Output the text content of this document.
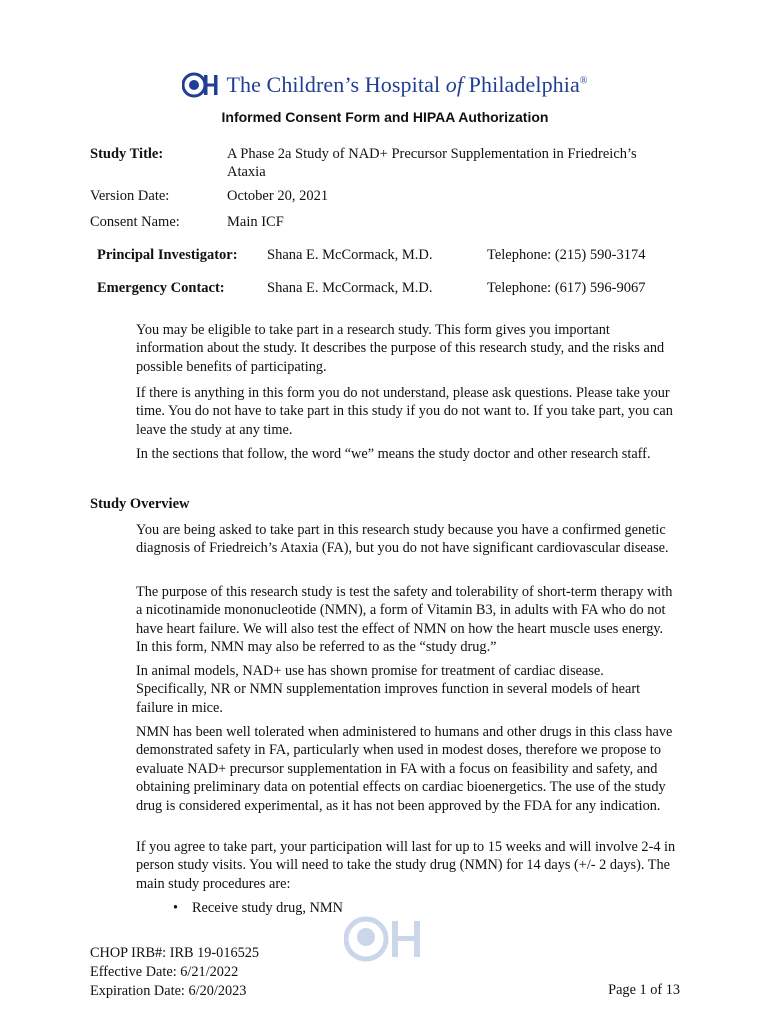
The Children’s Hospital of Philadelphia®
Informed Consent Form and HIPAA Authorization
Study Title:	A Phase 2a Study of NAD+ Precursor Supplementation in Friedreich’s Ataxia
Version Date:	October 20, 2021
Consent Name:	Main ICF
Principal Investigator: Shana E. McCormack, M.D.	Telephone: (215) 590-3174
Emergency Contact:	Shana E. McCormack, M.D.	Telephone: (617) 596-9067

You may be eligible to take part in a research study. This form gives you important information about the study. It describes the purpose of this research study, and the risks and possible benefits of participating.

If there is anything in this form you do not understand, please ask questions. Please take your time. You do not have to take part in this study if you do not want to. If you take part, you can leave the study at any time.

In the sections that follow, the word “we” means the study doctor and other research staff.

Study Overview

You are being asked to take part in this research study because you have a confirmed genetic diagnosis of Friedreich’s Ataxia (FA), but you do not have significant cardiovascular disease.

The purpose of this research study is test the safety and tolerability of short-term therapy with a nicotinamide mononucleotide (NMN), a form of Vitamin B3, in adults with FA who do not have heart failure. We will also test the effect of NMN on how the heart muscle uses energy. In this form, NMN may also be referred to as the “study drug.”

In animal models, NAD+ use has shown promise for treatment of cardiac disease. Specifically, NR or NMN supplementation improves function in several models of heart failure in mice.

NMN has been well tolerated when administered to humans and other drugs in this class have demonstrated safety in FA, particularly when used in modest doses, therefore we propose to evaluate NAD+ precursor supplementation in FA with a focus on feasibility and safety, and obtaining preliminary data on potential effects on cardiac bioenergetics. The use of the study drug is considered experimental, as it has not been approved by the FDA for any indication.

If you agree to take part, your participation will last for up to 15 weeks and will involve 2-4 in person study visits. You will need to take the study drug (NMN) for 14 days (+/- 2 days). The main study procedures are:

• Receive study drug, NMN
CHOP IRB#: IRB 19-016525
Effective Date: 6/21/2022
Expiration Date: 6/20/2023	Page 1 of 13
